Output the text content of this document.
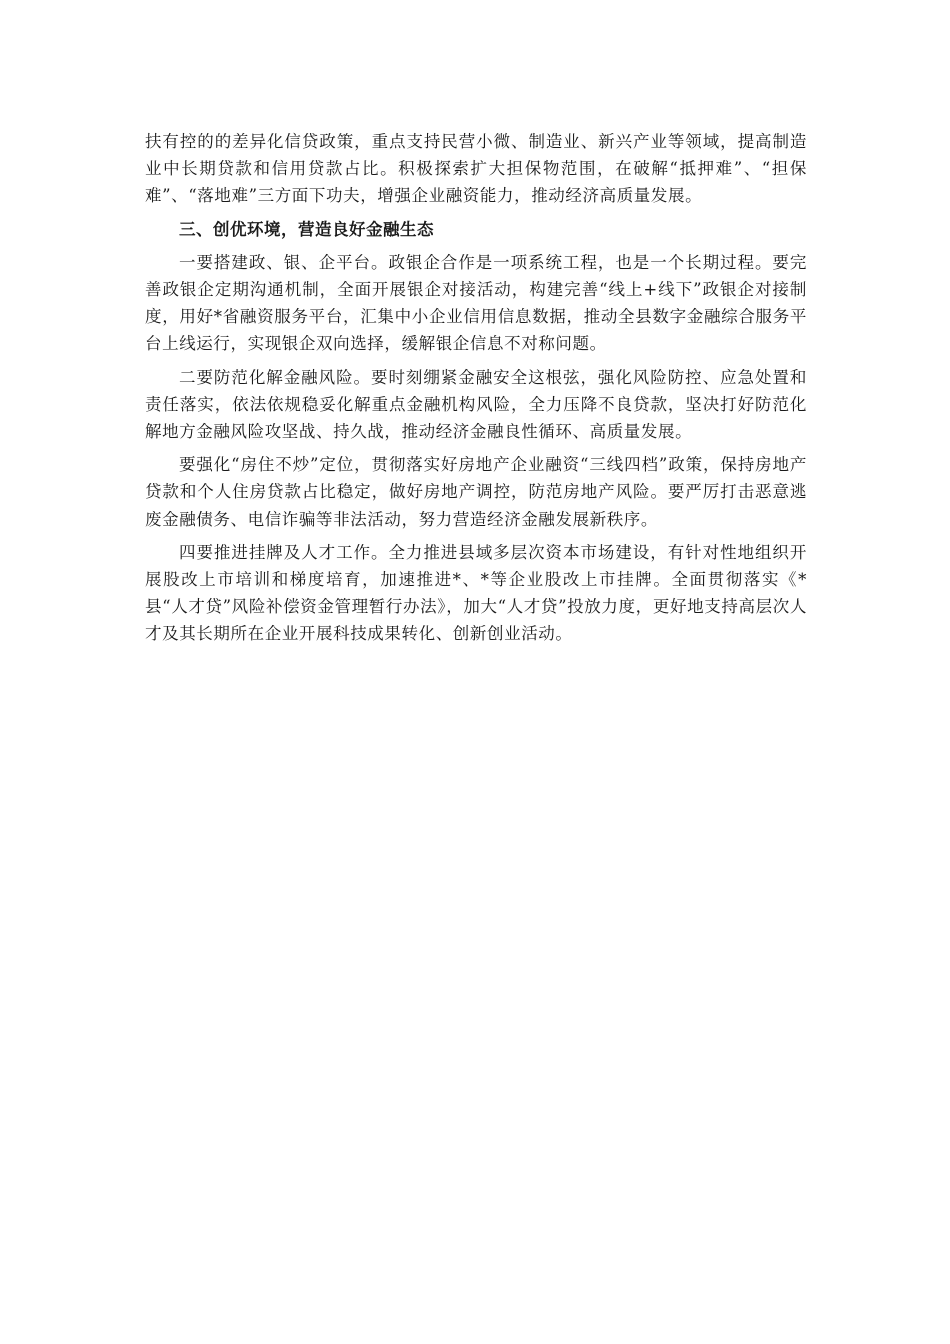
扶有控的的差异化信贷政策，重点支持民营小微、制造业、新兴产业等领域，提高制造业中长期贷款和信用贷款占比。积极探索扩大担保物范围，在破解“抵押难”、“担保难”、“落地难”三方面下功夫，增强企业融资能力，推动经济高质量发展。

三、创优环境，营造良好金融生态

一要搭建政、银、企平台。政银企合作是一项系统工程，也是一个长期过程。要完善政银企定期沟通机制，全面开展银企对接活动，构建完善“线上+线下”政银企对接制度，用好*省融资服务平台，汇集中小企业信用信息数据，推动全县数字金融综合服务平台上线运行，实现银企双向选择，缓解银企信息不对称问题。

二要防范化解金融风险。要时刻绷紧金融安全这根弦，强化风险防控、应急处置和责任落实，依法依规稳妥化解重点金融机构风险，全力压降不良贷款，坚决打好防范化解地方金融风险攻坚战、持久战，推动经济金融良性循环、高质量发展。

要强化“房住不炒”定位，贯彻落实好房地产企业融资“三线四档”政策，保持房地产贷款和个人住房贷款占比稳定，做好房地产调控，防范房地产风险。要严厉打击恶意逃废金融债务、电信诈骗等非法活动，努力营造经济金融发展新秩序。

四要推进挂牌及人才工作。全力推进县域多层次资本市场建设，有针对性地组织开展股改上市培训和梯度培育，加速推进*、*等企业股改上市挂牌。全面贯彻落实《*县“人才贷”风险补偿资金管理暂行办法》，加大“人才贷”投放力度，更好地支持高层次人才及其长期所在企业开展科技成果转化、创新创业活动。
